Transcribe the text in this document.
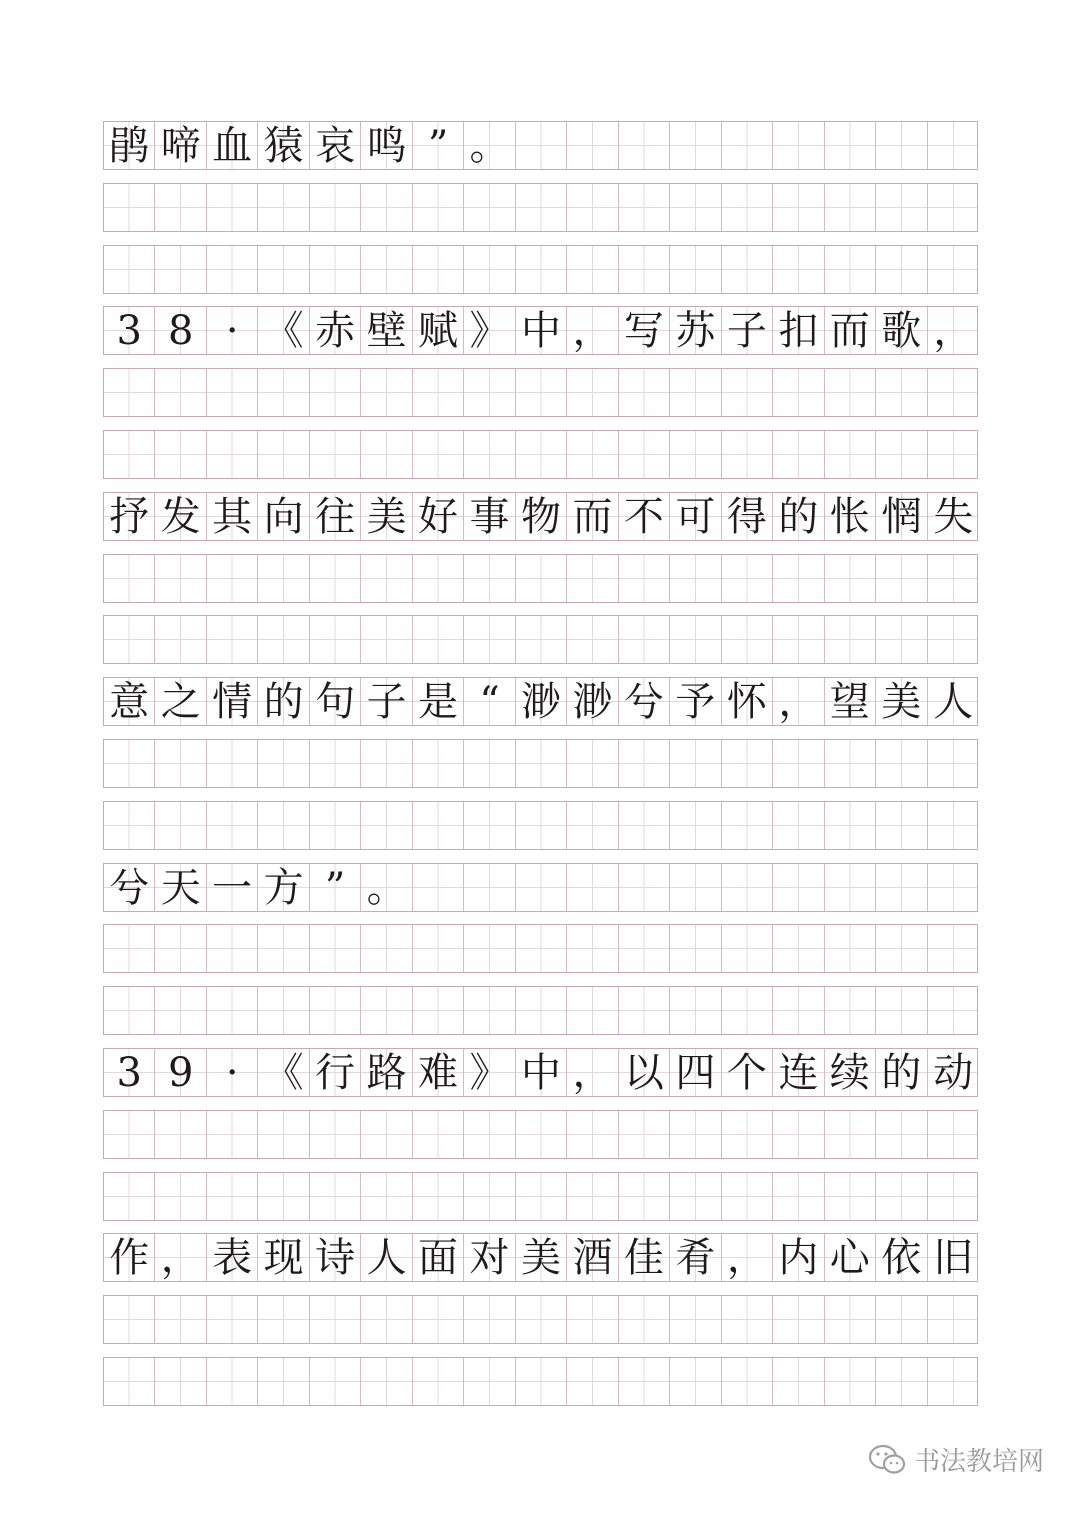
鹃 啼 血 猿 哀 鸣 ” 。
3 8 · 《 赤 壁 赋 》 中 ， 写 苏 子 扣 而 歌 ，
抒 发 其 向 往 美 好 事 物 而 不 可 得 的 怅 惘 失
意 之 情 的 句 子 是 “ 渺 渺 兮 予 怀 ， 望 美 人
兮 天 一 方 ” 。
3 9 · 《 行 路 难 》 中 ， 以 四 个 连 续 的 动
作 ， 表 现 诗 人 面 对 美 酒 佳 肴 ， 内 心 依 旧
书法教培网
